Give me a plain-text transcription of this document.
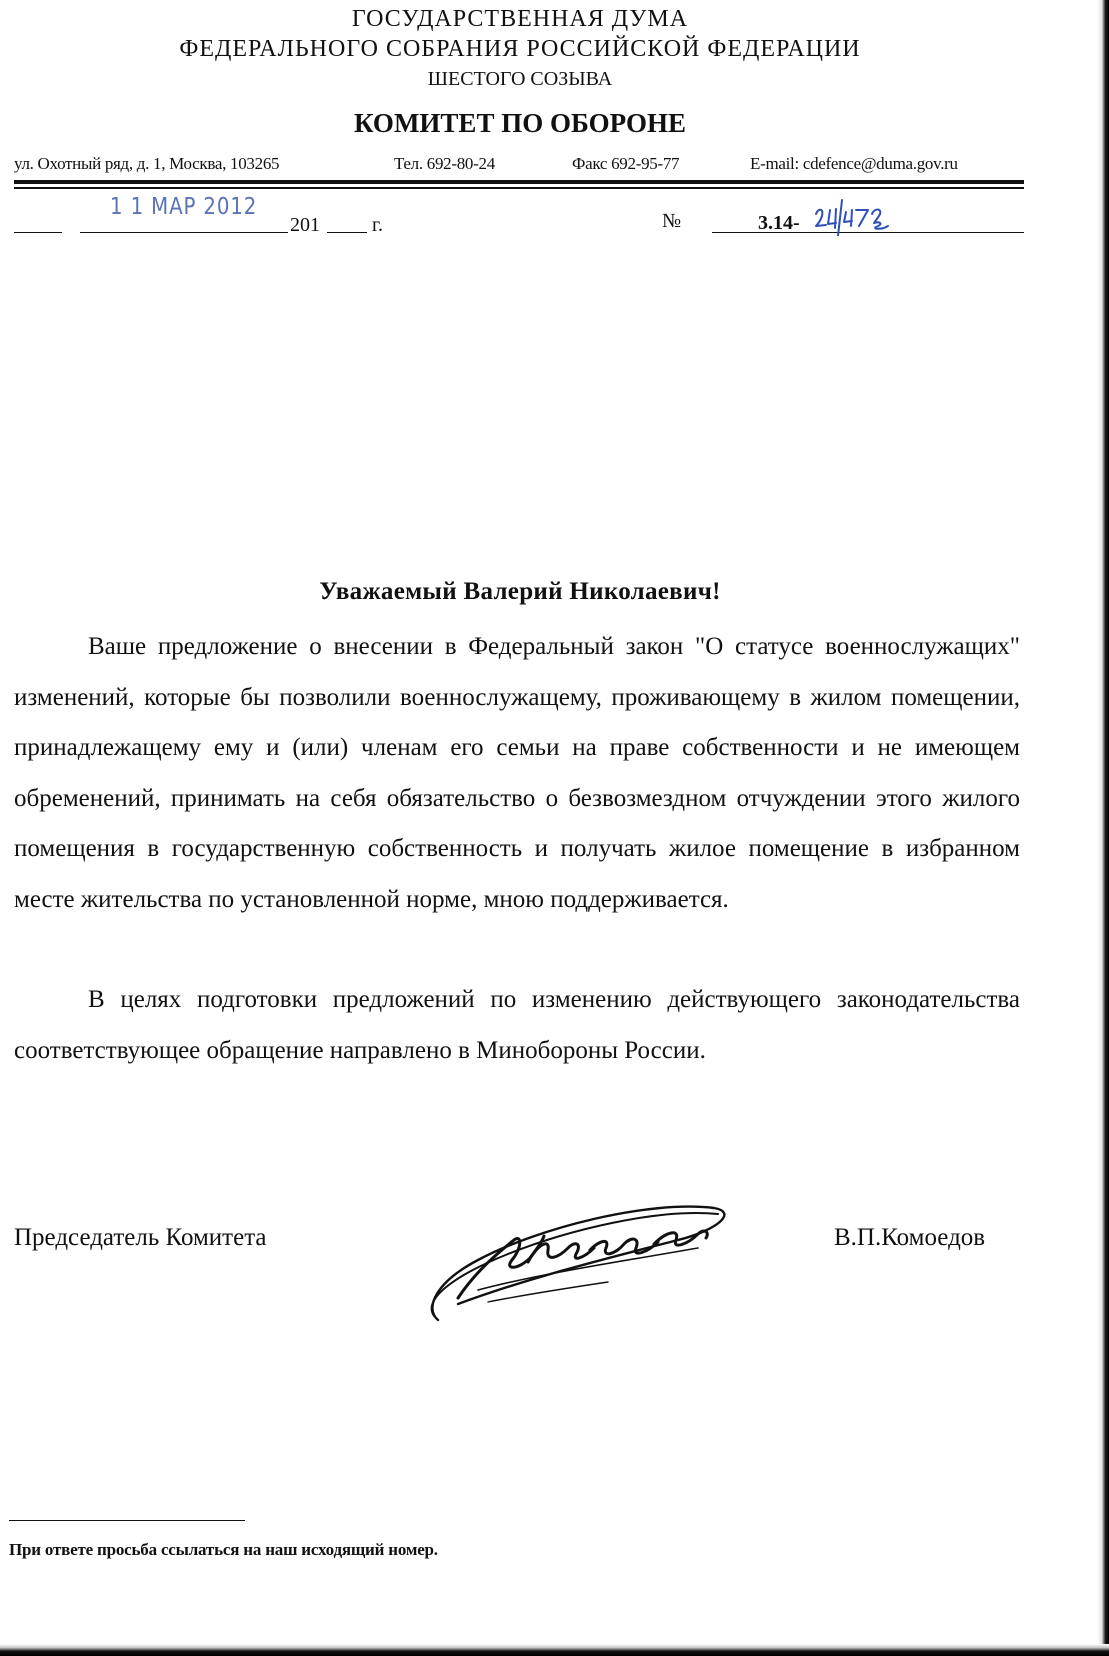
ГОСУДАРСТВЕННАЯ ДУМА
ФЕДЕРАЛЬНОГО СОБРАНИЯ РОССИЙСКОЙ ФЕДЕРАЦИИ
ШЕСТОГО СОЗЫВА
КОМИТЕТ ПО ОБОРОНЕ
ул. Охотный ряд, д. 1, Москва, 103265	Тел. 692-80-24	Факс 692-95-77	E-mail: cdefence@duma.gov.ru
1 1 MAP 2012
201	г.	№	3.14-
Уважаемый Валерий Николаевич!

Ваше предложение о внесении в Федеральный закон "О статусе военнослужащих" изменений, которые бы позволили военнослужащему, проживающему в жилом помещении, принадлежащему ему и (или) членам его семьи на праве собственности и не имеющем обременений, принимать на себя обязательство о безвозмездном отчуждении этого жилого помещения в государственную собственность и получать жилое помещение в избранном месте жительства по установленной норме, мною поддерживается.

В целях подготовки предложений по изменению действующего законодательства соответствующее обращение направлено в Минобороны России.

Председатель Комитета	В.П.Комоедов
При ответе просьба ссылаться на наш исходящий номер.
